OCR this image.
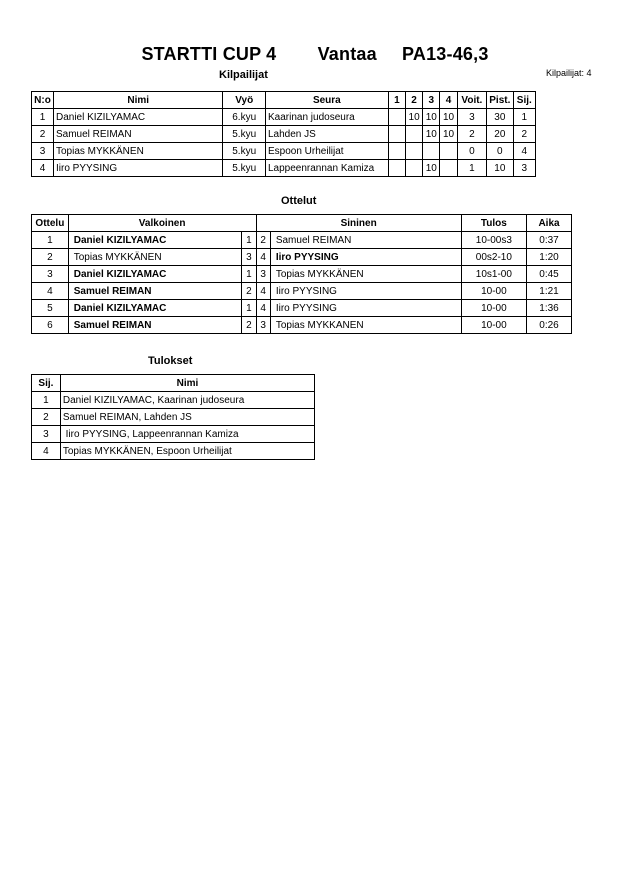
STARTTI CUP 4 Vantaa PA13-46,3
Kilpailijat	Kilpailijat: 4
N:o	Nimi	Vyö	Seura	1	2	3	4	Voit.	Pist.	Sij.
1	Daniel KIZILYAMAC	6.kyu	Kaarinan judoseura		10	10	10	3	30	1
2	Samuel REIMAN	5.kyu	Lahden JS			10	10	2	20	2
3	Topias MYKKÄNEN	5.kyu	Espoon Urheilijat					0	0	4
4	Iiro PYYSING	5.kyu	Lappeenrannan Kamiza			10		1	10	3
Ottelut
Ottelu	Valkoinen		Sininen		Tulos	Aika
1	Daniel KIZILYAMAC	1	2	Samuel REIMAN	10-00s3	0:37
2	Topias MYKKÄNEN	3	4	Iiro PYYSING	00s2-10	1:20
3	Daniel KIZILYAMAC	1	3	Topias MYKKÄNEN	10s1-00	0:45
4	Samuel REIMAN	2	4	Iiro PYYSING	10-00	1:21
5	Daniel KIZILYAMAC	1	4	Iiro PYYSING	10-00	1:36
6	Samuel REIMAN	2	3	Topias MYKKANEN	10-00	0:26
Tulokset
Sij.	Nimi
1	Daniel KIZILYAMAC, Kaarinan judoseura
2	Samuel REIMAN, Lahden JS
3	Iiro PYYSING, Lappeenrannan Kamiza
4	Topias MYKKÄNEN, Espoon Urheilijat
